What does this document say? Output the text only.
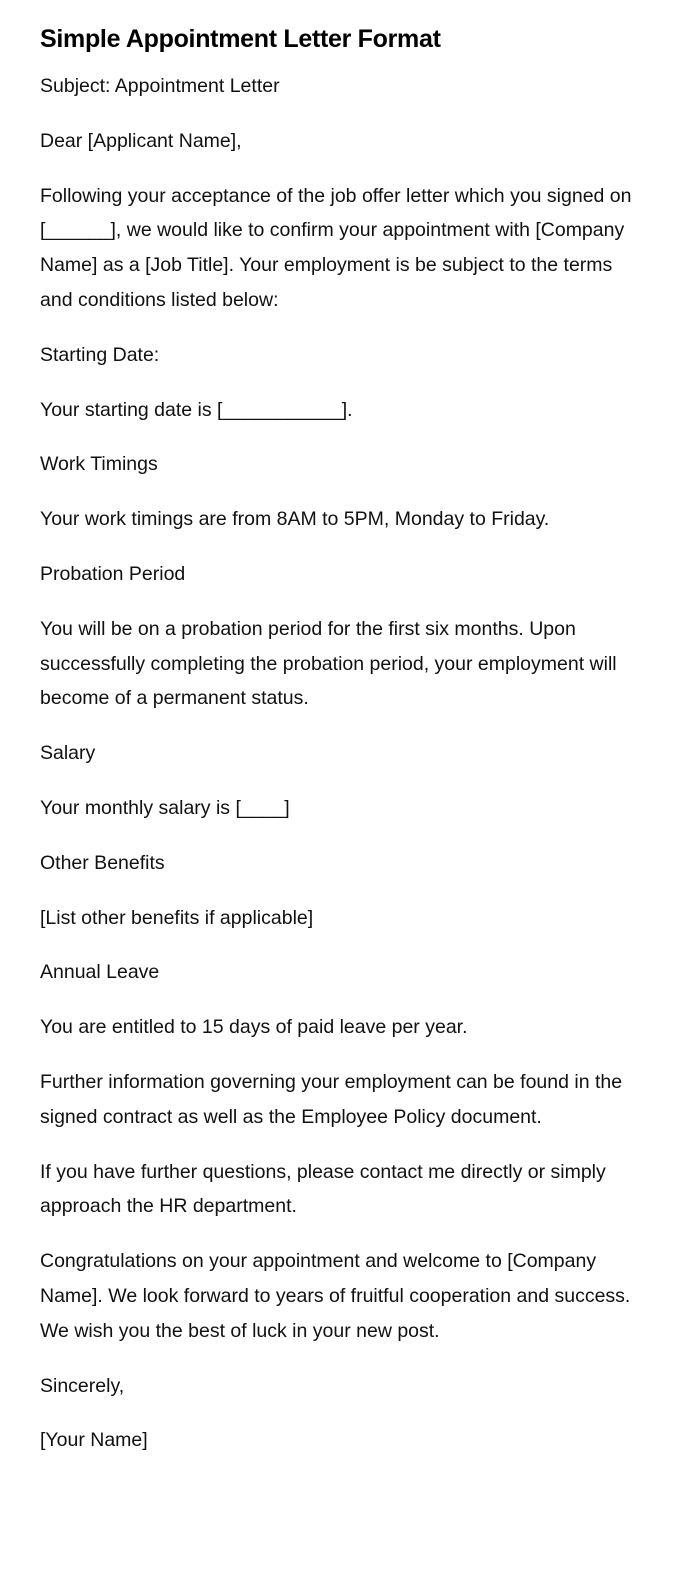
Simple Appointment Letter Format

Subject: Appointment Letter

Dear [Applicant Name],

Following your acceptance of the job offer letter which you signed on [______], we would like to confirm your appointment with [Company Name] as a [Job Title]. Your employment is be subject to the terms and conditions listed below:

Starting Date:

Your starting date is [___________].

Work Timings

Your work timings are from 8AM to 5PM, Monday to Friday.

Probation Period

You will be on a probation period for the first six months. Upon successfully completing the probation period, your employment will become of a permanent status.

Salary

Your monthly salary is [____]

Other Benefits

[List other benefits if applicable]

Annual Leave

You are entitled to 15 days of paid leave per year.

Further information governing your employment can be found in the signed contract as well as the Employee Policy document.

If you have further questions, please contact me directly or simply approach the HR department.

Congratulations on your appointment and welcome to [Company Name]. We look forward to years of fruitful cooperation and success. We wish you the best of luck in your new post.

Sincerely,

[Your Name]
